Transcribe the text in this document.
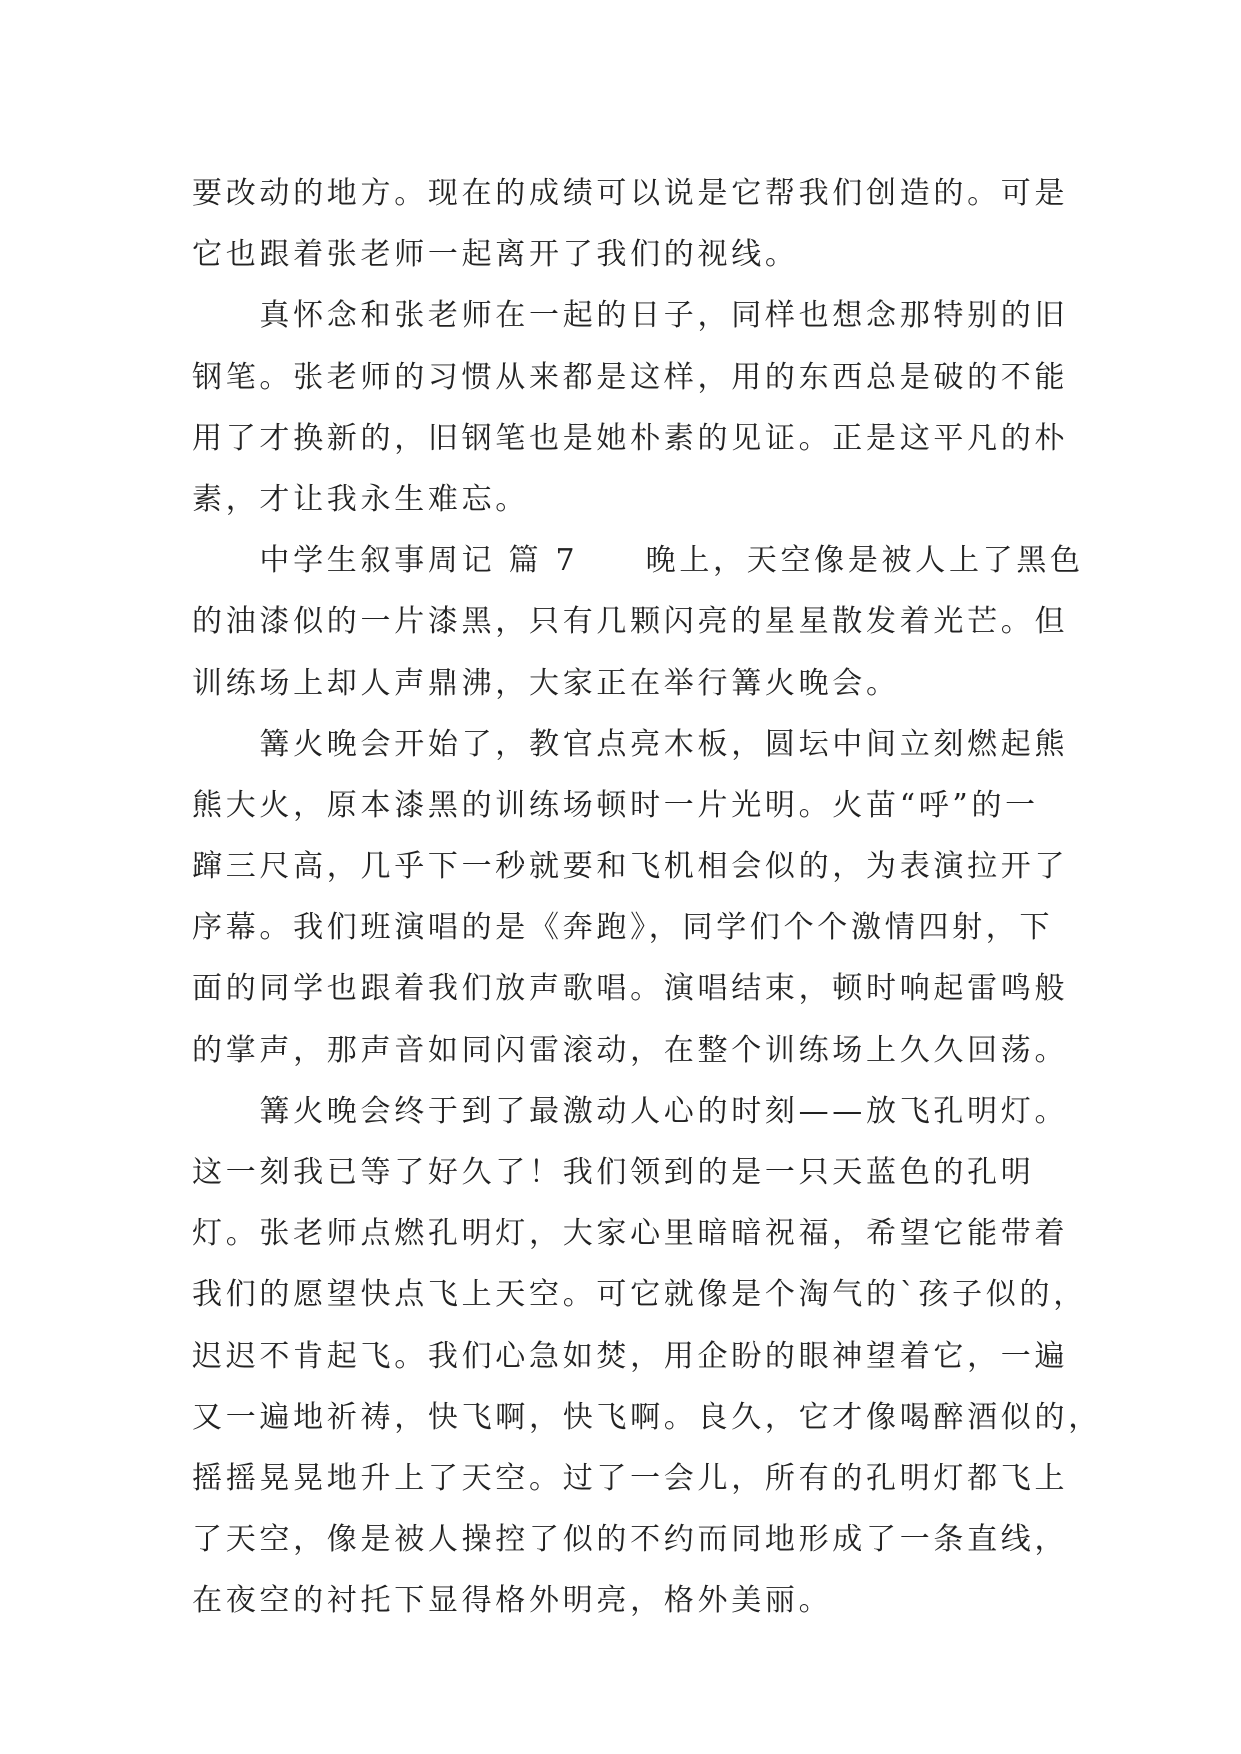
要改动的地方。现在的成绩可以说是它帮我们创造的。可是
它也跟着张老师一起离开了我们的视线。
　　真怀念和张老师在一起的日子，同样也想念那特别的旧
钢笔。张老师的习惯从来都是这样，用的东西总是破的不能
用了才换新的，旧钢笔也是她朴素的见证。正是这平凡的朴
素，才让我永生难忘。
　　中学生叙事周记 篇 7　　晚上，天空像是被人上了黑色
的油漆似的一片漆黑，只有几颗闪亮的星星散发着光芒。但
训练场上却人声鼎沸，大家正在举行篝火晚会。
　　篝火晚会开始了，教官点亮木板，圆坛中间立刻燃起熊
熊大火，原本漆黑的训练场顿时一片光明。火苗“呼”的一
蹿三尺高，几乎下一秒就要和飞机相会似的，为表演拉开了
序幕。我们班演唱的是《奔跑》，同学们个个激情四射，下
面的同学也跟着我们放声歌唱。演唱结束，顿时响起雷鸣般
的掌声，那声音如同闪雷滚动，在整个训练场上久久回荡。
　　篝火晚会终于到了最激动人心的时刻——放飞孔明灯。
这一刻我已等了好久了！我们领到的是一只天蓝色的孔明
灯。张老师点燃孔明灯，大家心里暗暗祝福，希望它能带着
我们的愿望快点飞上天空。可它就像是个淘气的`孩子似的，
迟迟不肯起飞。我们心急如焚，用企盼的眼神望着它，一遍
又一遍地祈祷，快飞啊，快飞啊。良久，它才像喝醉酒似的，
摇摇晃晃地升上了天空。过了一会儿，所有的孔明灯都飞上
了天空，像是被人操控了似的不约而同地形成了一条直线，
在夜空的衬托下显得格外明亮，格外美丽。
